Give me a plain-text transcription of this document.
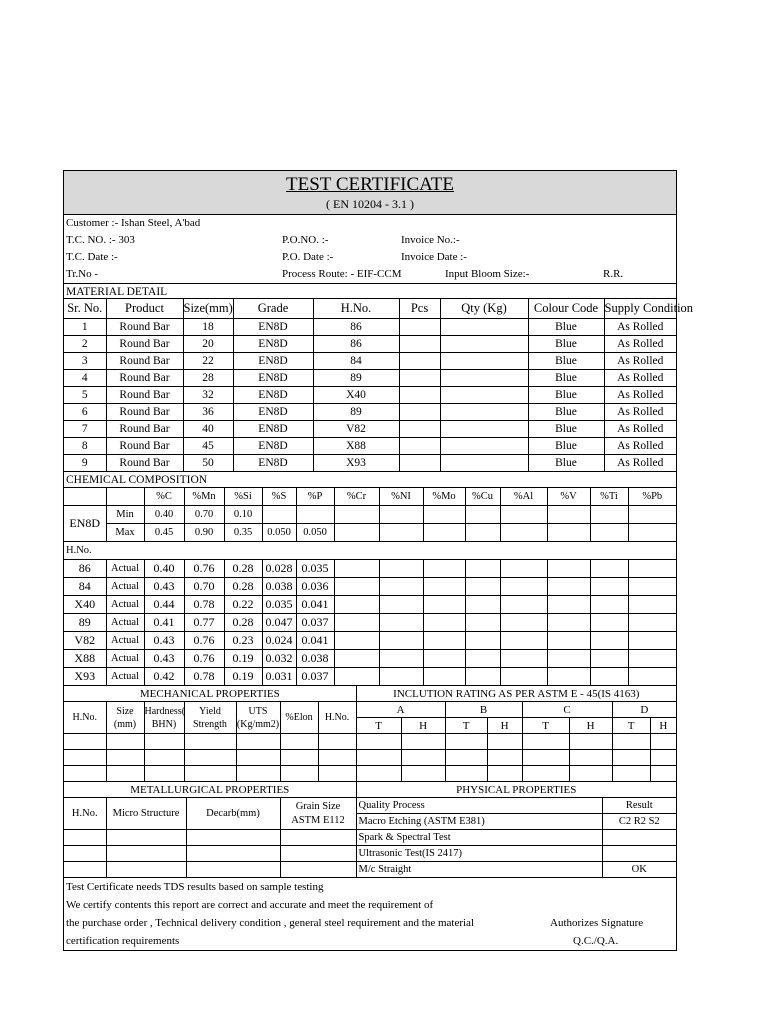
TEST CERTIFICATE
( EN 10204 - 3.1 )
Customer :- Ishan Steel, A'bad
T.C. NO. :- 303	P.O.NO. :-	Invoice No.:-
T.C. Date :-	P.O. Date :-	Invoice Date :-
Tr.No -	Process Route: - EIF-CCM	Input Bloom Size:-	R.R.
MATERIAL DETAIL
Sr. No.	Product	Size(mm)	Grade	H.No.	Pcs	Qty (Kg)	Colour Code	Supply Condition
1	Round Bar	18	EN8D	86			Blue	As Rolled
2	Round Bar	20	EN8D	86			Blue	As Rolled
3	Round Bar	22	EN8D	84			Blue	As Rolled
4	Round Bar	28	EN8D	89			Blue	As Rolled
5	Round Bar	32	EN8D	X40			Blue	As Rolled
6	Round Bar	36	EN8D	89			Blue	As Rolled
7	Round Bar	40	EN8D	V82			Blue	As Rolled
8	Round Bar	45	EN8D	X88			Blue	As Rolled
9	Round Bar	50	EN8D	X93			Blue	As Rolled
CHEMICAL COMPOSITION
		%C	%Mn	%Si	%S	%P	%Cr	%NI	%Mo	%Cu	%Al	%V	%Ti	%Pb
EN8D	Min	0.40	0.70	0.10										
	Max	0.45	0.90	0.35	0.050	0.050								
H.No.														
86	Actual	0.40	0.76	0.28	0.028	0.035								
84	Actual	0.43	0.70	0.28	0.038	0.036								
X40	Actual	0.44	0.78	0.22	0.035	0.041								
89	Actual	0.41	0.77	0.28	0.047	0.037								
V82	Actual	0.43	0.76	0.23	0.024	0.041								
X88	Actual	0.43	0.76	0.19	0.032	0.038								
X93	Actual	0.42	0.78	0.19	0.031	0.037								
MECHANICAL PROPERTIES							INCLUTION RATING AS PER ASTM E - 45(IS 4163)							
H.No.	Size (mm)	Hardness( BHN)	Yield Strength	UTS (Kg/mm2)	%Elon	H.No.	A		B		C		D	
							T	H	T	H	T	H	T	H

METALLURGICAL PROPERTIES				PHYSICAL PROPERTIES	
H.No.	Micro Structure	Decarb(mm)	Grain Size ASTM E112	Quality Process	Result
				Macro Etching (ASTM E381)	C2 R2 S2
				Spark & Spectral Test	
				Ultrasonic Test(IS 2417)	
				M/c Straight	OK
Test Certificate needs TDS results based on sample testing
We certify contents this report are correct and accurate and meet the requirement of
the purchase order , Technical delivery condition , general steel requirement and the material	Authorizes Signature
certification requirements	Q.C./Q.A.
